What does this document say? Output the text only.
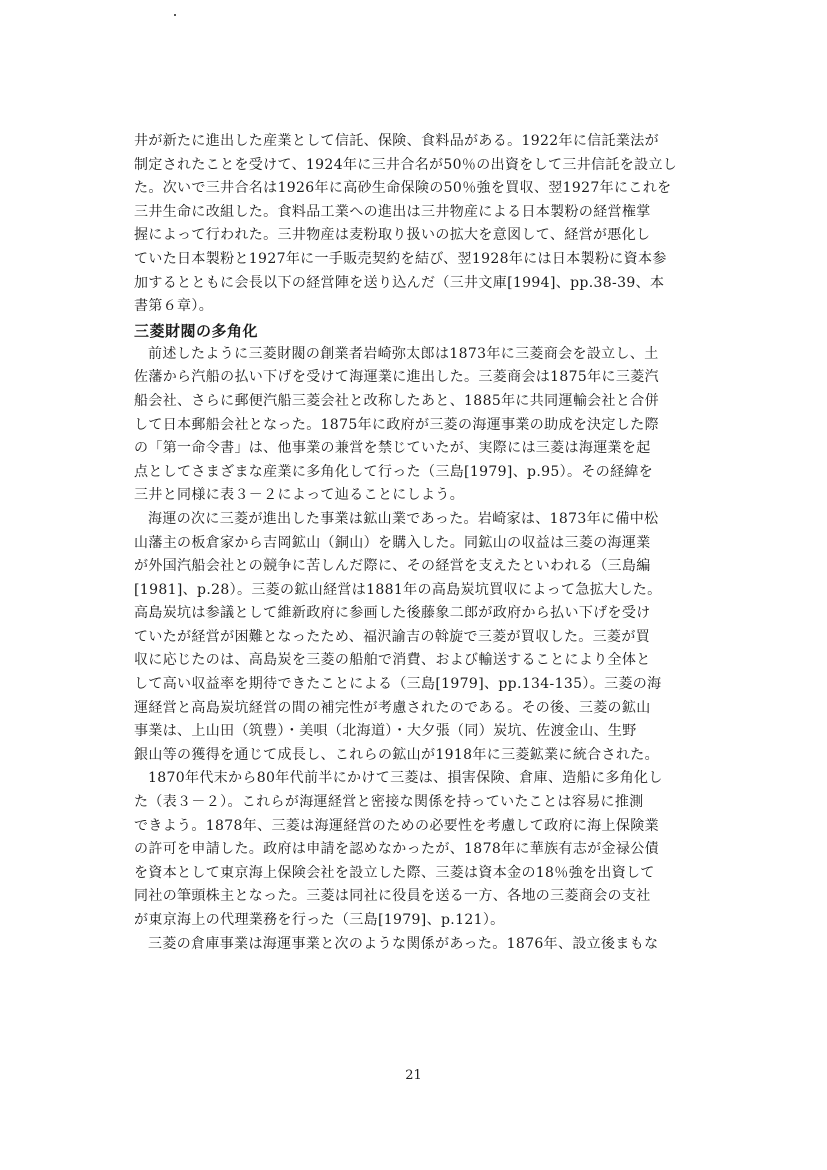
井が新たに進出した産業として信託、保険、食料品がある。1922年に信託業法が
制定されたことを受けて、1924年に三井合名が50％の出資をして三井信託を設立し
た。次いで三井合名は1926年に高砂生命保険の50％強を買収、翌1927年にこれを
三井生命に改組した。食料品工業への進出は三井物産による日本製粉の経営権掌
握によって行われた。三井物産は麦粉取り扱いの拡大を意図して、経営が悪化し
ていた日本製粉と1927年に一手販売契約を結び、翌1928年には日本製粉に資本参
加するとともに会長以下の経営陣を送り込んだ（三井文庫[1994]、pp.38-39、本
書第６章）。
三菱財閥の多角化
前述したように三菱財閥の創業者岩崎弥太郎は1873年に三菱商会を設立し、土
佐藩から汽船の払い下げを受けて海運業に進出した。三菱商会は1875年に三菱汽
船会社、さらに郵便汽船三菱会社と改称したあと、1885年に共同運輸会社と合併
して日本郵船会社となった。1875年に政府が三菱の海運事業の助成を決定した際
の「第一命令書」は、他事業の兼営を禁じていたが、実際には三菱は海運業を起
点としてさまざまな産業に多角化して行った（三島[1979]、p.95）。その経緯を
三井と同様に表３－２によって辿ることにしよう。
海運の次に三菱が進出した事業は鉱山業であった。岩崎家は、1873年に備中松
山藩主の板倉家から吉岡鉱山（銅山）を購入した。同鉱山の収益は三菱の海運業
が外国汽船会社との競争に苦しんだ際に、その経営を支えたといわれる（三島編
[1981]、p.28）。三菱の鉱山経営は1881年の高島炭坑買収によって急拡大した。
高島炭坑は参議として維新政府に参画した後藤象二郎が政府から払い下げを受け
ていたが経営が困難となったため、福沢諭吉の斡旋で三菱が買収した。三菱が買
収に応じたのは、高島炭を三菱の船舶で消費、および輸送することにより全体と
して高い収益率を期待できたことによる（三島[1979]、pp.134-135）。三菱の海
運経営と高島炭坑経営の間の補完性が考慮されたのである。その後、三菱の鉱山
事業は、上山田（筑豊）・美唄（北海道）・大夕張（同）炭坑、佐渡金山、生野
銀山等の獲得を通じて成長し、これらの鉱山が1918年に三菱鉱業に統合された。
1870年代末から80年代前半にかけて三菱は、損害保険、倉庫、造船に多角化し
た（表３－２）。これらが海運経営と密接な関係を持っていたことは容易に推測
できよう。1878年、三菱は海運経営のための必要性を考慮して政府に海上保険業
の許可を申請した。政府は申請を認めなかったが、1878年に華族有志が金禄公債
を資本として東京海上保険会社を設立した際、三菱は資本金の18％強を出資して
同社の筆頭株主となった。三菱は同社に役員を送る一方、各地の三菱商会の支社
が東京海上の代理業務を行った（三島[1979]、p.121）。
三菱の倉庫事業は海運事業と次のような関係があった。1876年、設立後まもな
21
